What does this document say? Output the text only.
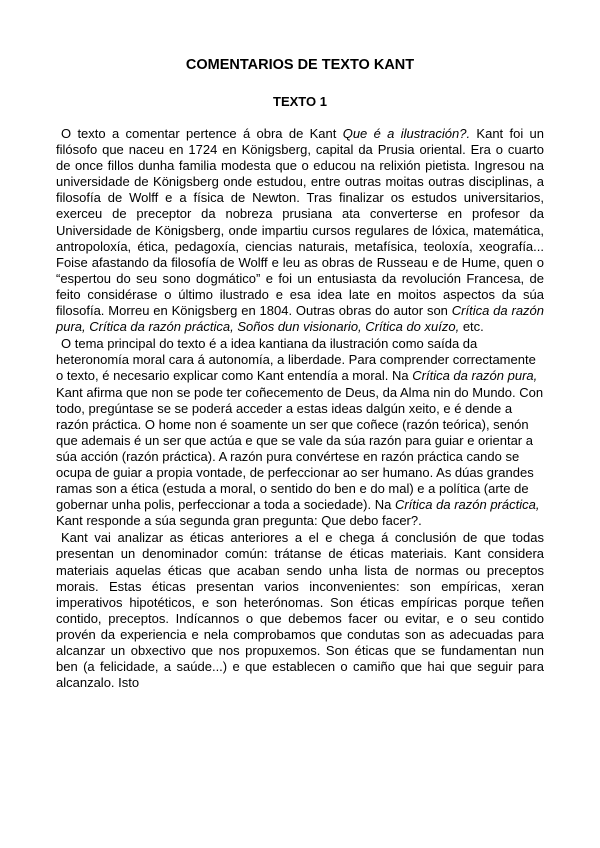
COMENTARIOS DE TEXTO KANT
TEXTO 1

O texto a comentar pertence á obra de Kant Que é a ilustración?. Kant foi un filósofo que naceu en 1724 en Königsberg, capital da Prusia oriental. Era o cuarto de once fillos dunha familia modesta que o educou na relixión pietista. Ingresou na universidade de Königsberg onde estudou, entre outras moitas outras disciplinas, a filosofía de Wolff e a física de Newton. Tras finalizar os estudos universitarios, exerceu de preceptor da nobreza prusiana ata converterse en profesor da Universidade de Königsberg, onde impartiu cursos regulares de lóxica, matemática, antropoloxía, ética, pedagoxía, ciencias naturais, metafísica, teoloxía, xeografía... Foise afastando da filosofía de Wolff e leu as obras de Russeau e de Hume, quen o “espertou do seu sono dogmático” e foi un entusiasta da revolución Francesa, de feito considérase o último ilustrado e esa idea late en moitos aspectos da súa filosofía. Morreu en Königsberg en 1804. Outras obras do autor son Crítica da razón pura, Crítica da razón práctica, Soños dun visionario, Crítica do xuízo, etc.

O tema principal do texto é a idea kantiana da ilustración como saída da heteronomía moral cara á autonomía, a liberdade. Para comprender correctamente o texto, é necesario explicar como Kant entendía a moral. Na Crítica da razón pura, Kant afirma que non se pode ter coñecemento de Deus, da Alma nin do Mundo. Con todo, pregúntase se se poderá acceder a estas ideas dalgún xeito, e é dende a razón práctica. O home non é soamente un ser que coñece (razón teórica), senón que ademais é un ser que actúa e que se vale da súa razón para guiar e orientar a súa acción (razón práctica). A razón pura convértese en razón práctica cando se ocupa de guiar a propia vontade, de perfeccionar ao ser humano. As dúas grandes ramas son a ética (estuda a moral, o sentido do ben e do mal) e a política (arte de gobernar unha polis, perfeccionar a toda a sociedade). Na Crítica da razón práctica, Kant responde a súa segunda gran pregunta: Que debo facer?.

Kant vai analizar as éticas anteriores a el e chega á conclusión de que todas presentan un denominador común: trátanse de éticas materiais. Kant considera materiais aquelas éticas que acaban sendo unha lista de normas ou preceptos morais. Estas éticas presentan varios inconvenientes: son empíricas, xeran imperativos hipotéticos, e son heterónomas. Son éticas empíricas porque teñen contido, preceptos. Indícannos o que debemos facer ou evitar, e o seu contido provén da experiencia e nela comprobamos que condutas son as adecuadas para alcanzar un obxectivo que nos propuxemos. Son éticas que se fundamentan nun ben (a felicidade, a saúde...) e que establecen o camiño que hai que seguir para alcanzalo. Isto
